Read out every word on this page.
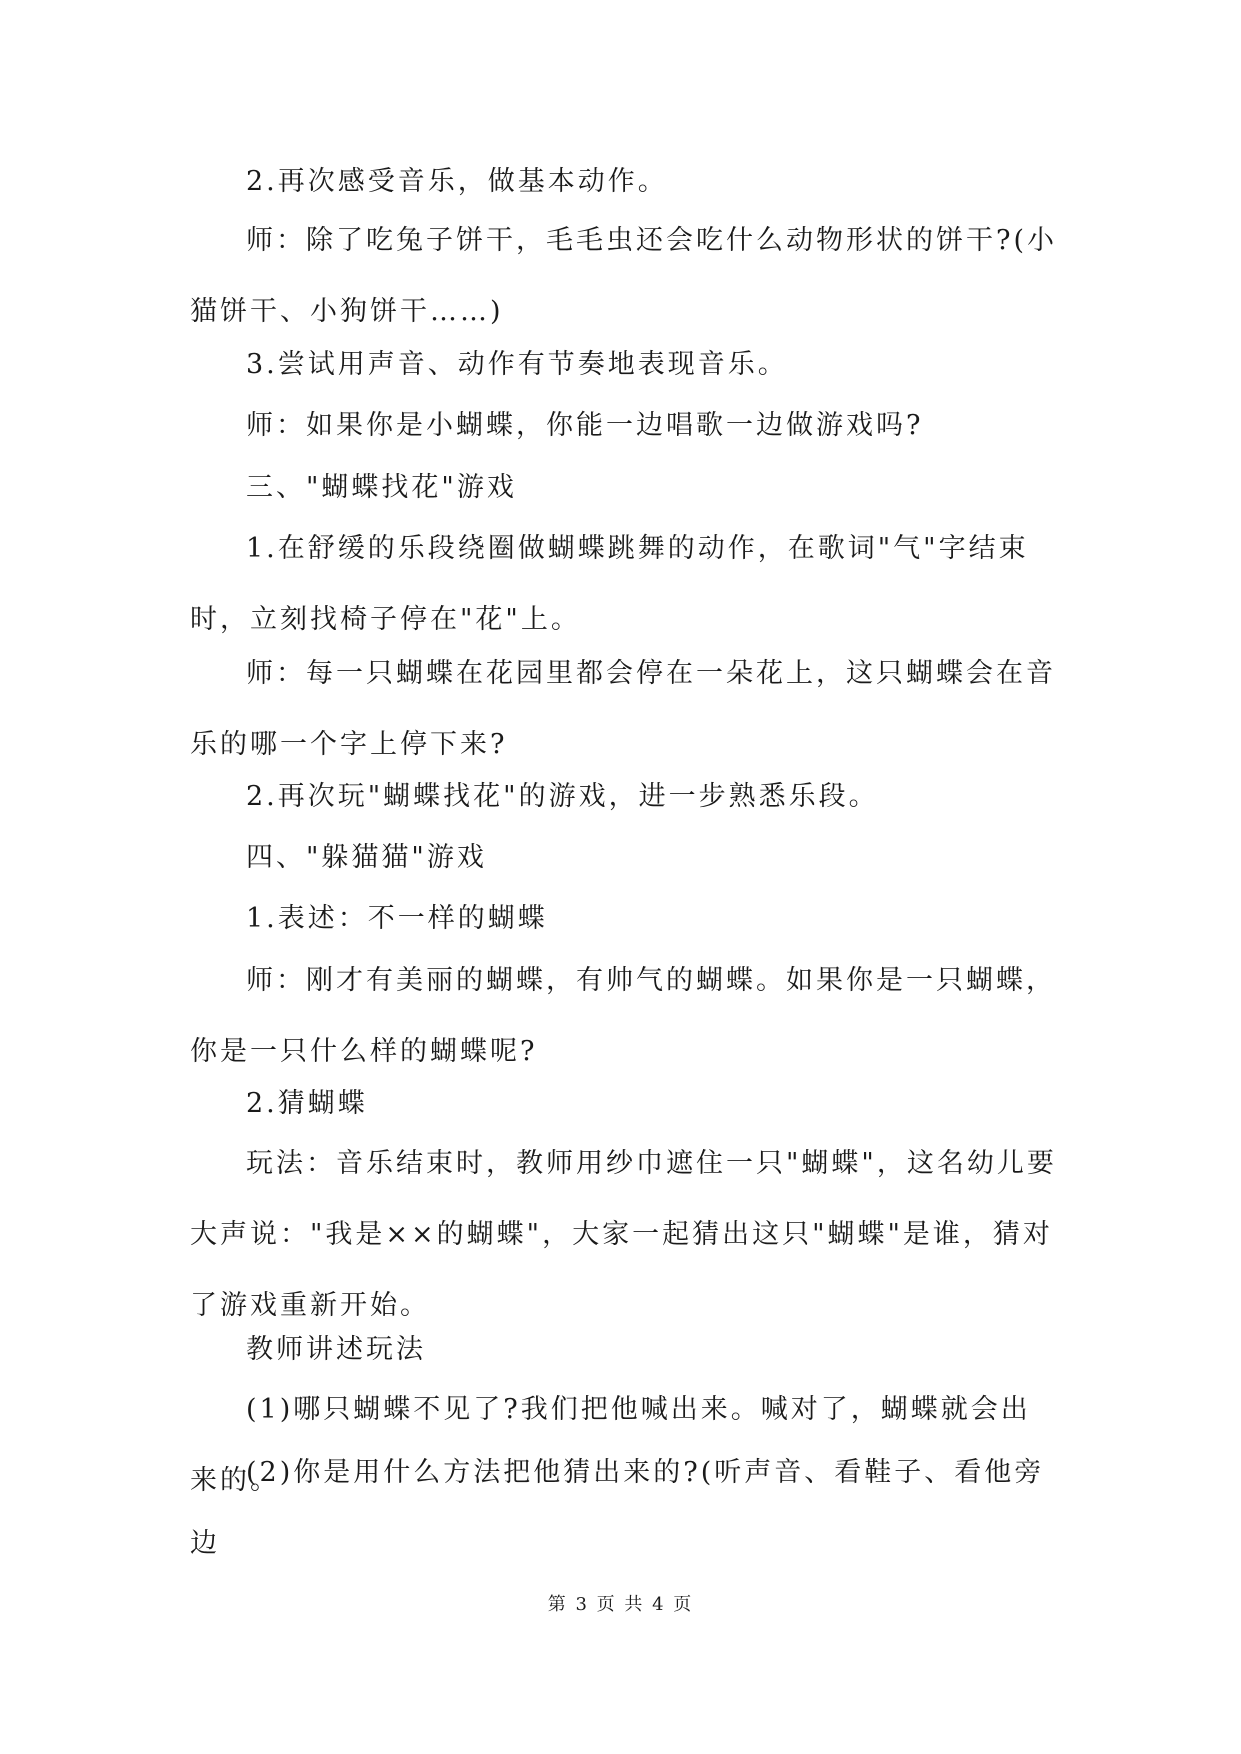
2.再次感受音乐，做基本动作。
师：除了吃兔子饼干，毛毛虫还会吃什么动物形状的饼干?(小猫饼干、小狗饼干……)
3.尝试用声音、动作有节奏地表现音乐。
师：如果你是小蝴蝶，你能一边唱歌一边做游戏吗?
三、"蝴蝶找花"游戏
1.在舒缓的乐段绕圈做蝴蝶跳舞的动作，在歌词"气"字结束时，立刻找椅子停在"花"上。
师：每一只蝴蝶在花园里都会停在一朵花上，这只蝴蝶会在音乐的哪一个字上停下来?
2.再次玩"蝴蝶找花"的游戏，进一步熟悉乐段。
四、"躲猫猫"游戏
1.表述：不一样的蝴蝶
师：刚才有美丽的蝴蝶，有帅气的蝴蝶。如果你是一只蝴蝶，你是一只什么样的蝴蝶呢?
2.猜蝴蝶
玩法：音乐结束时，教师用纱巾遮住一只"蝴蝶"，这名幼儿要大声说："我是××的蝴蝶"，大家一起猜出这只"蝴蝶"是谁，猜对了游戏重新开始。
教师讲述玩法
(1)哪只蝴蝶不见了?我们把他喊出来。喊对了，蝴蝶就会出来的。
(2)你是用什么方法把他猜出来的?(听声音、看鞋子、看他旁边
第 3 页 共 4 页
